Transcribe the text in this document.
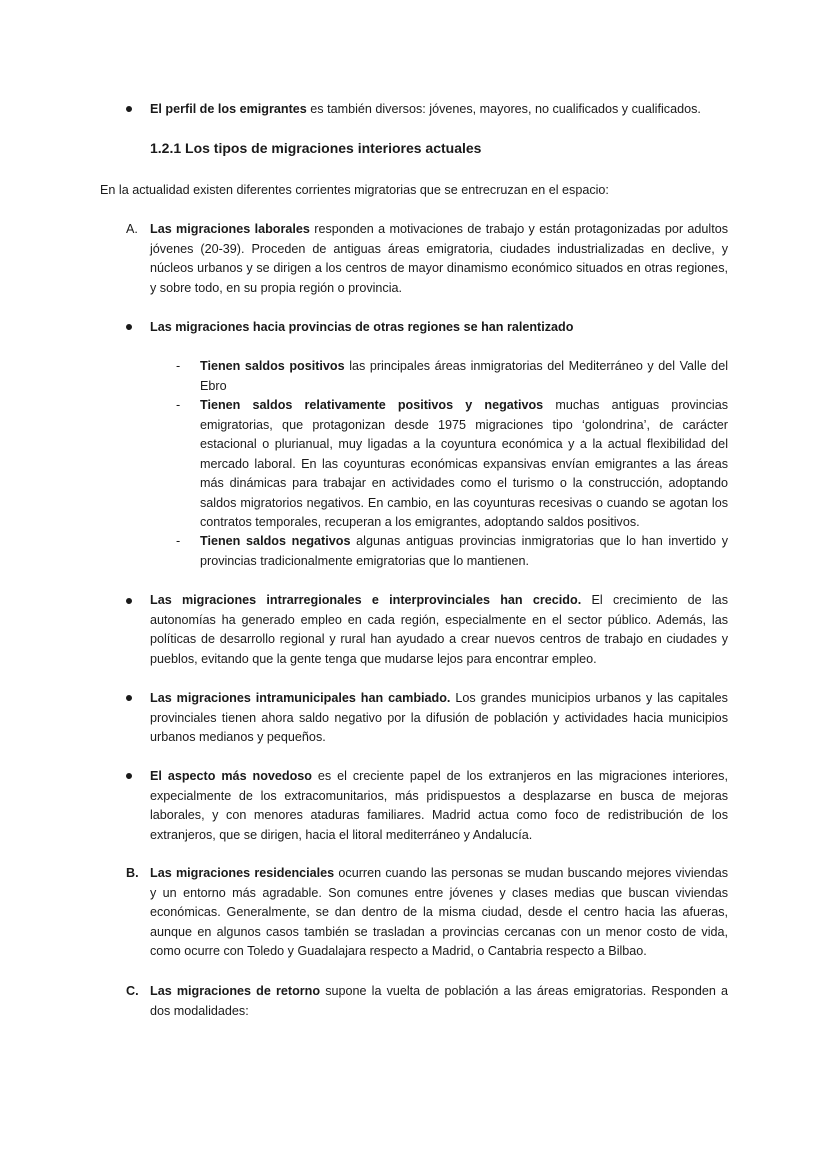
El perfil de los emigrantes es también diversos: jóvenes, mayores, no cualificados y cualificados.
1.2.1 Los tipos de migraciones interiores actuales
En la actualidad existen diferentes corrientes migratorias que se entrecruzan en el espacio:
A. Las migraciones laborales responden a motivaciones de trabajo y están protagonizadas por adultos jóvenes (20-39). Proceden de antiguas áreas emigratoria, ciudades industrializadas en declive, y núcleos urbanos y se dirigen a los centros de mayor dinamismo económico situados en otras regiones, y sobre todo, en su propia región o provincia.
Las migraciones hacia provincias de otras regiones se han ralentizado
- Tienen saldos positivos las principales áreas inmigratorias del Mediterráneo y del Valle del Ebro
- Tienen saldos relativamente positivos y negativos muchas antiguas provincias emigratorias, que protagonizan desde 1975 migraciones tipo ‘golondrina’, de carácter estacional o plurianual, muy ligadas a la coyuntura económica y a la actual flexibilidad del mercado laboral. En las coyunturas económicas expansivas envían emigrantes a las áreas más dinámicas para trabajar en actividades como el turismo o la construcción, adoptando saldos migratorios negativos. En cambio, en las coyunturas recesivas o cuando se agotan los contratos temporales, recuperan a los emigrantes, adoptando saldos positivos.
- Tienen saldos negativos algunas antiguas provincias inmigratorias que lo han invertido y provincias tradicionalmente emigratorias que lo mantienen.
Las migraciones intrarregionales e interprovinciales han crecido. El crecimiento de las autonomías ha generado empleo en cada región, especialmente en el sector público. Además, las políticas de desarrollo regional y rural han ayudado a crear nuevos centros de trabajo en ciudades y pueblos, evitando que la gente tenga que mudarse lejos para encontrar empleo.
Las migraciones intramunicipales han cambiado. Los grandes municipios urbanos y las capitales provinciales tienen ahora saldo negativo por la difusión de población y actividades hacia municipios urbanos medianos y pequeños.
El aspecto más novedoso es el creciente papel de los extranjeros en las migraciones interiores, expecialmente de los extracomunitarios, más pridispuestos a desplazarse en busca de mejoras laborales, y con menores ataduras familiares. Madrid actua como foco de redistribución de los extranjeros, que se dirigen, hacia el litoral mediterráneo y Andalucía.
B. Las migraciones residenciales ocurren cuando las personas se mudan buscando mejores viviendas y un entorno más agradable. Son comunes entre jóvenes y clases medias que buscan viviendas económicas. Generalmente, se dan dentro de la misma ciudad, desde el centro hacia las afueras, aunque en algunos casos también se trasladan a provincias cercanas con un menor costo de vida, como ocurre con Toledo y Guadalajara respecto a Madrid, o Cantabria respecto a Bilbao.
C. Las migraciones de retorno supone la vuelta de población a las áreas emigratorias. Responden a dos modalidades:
